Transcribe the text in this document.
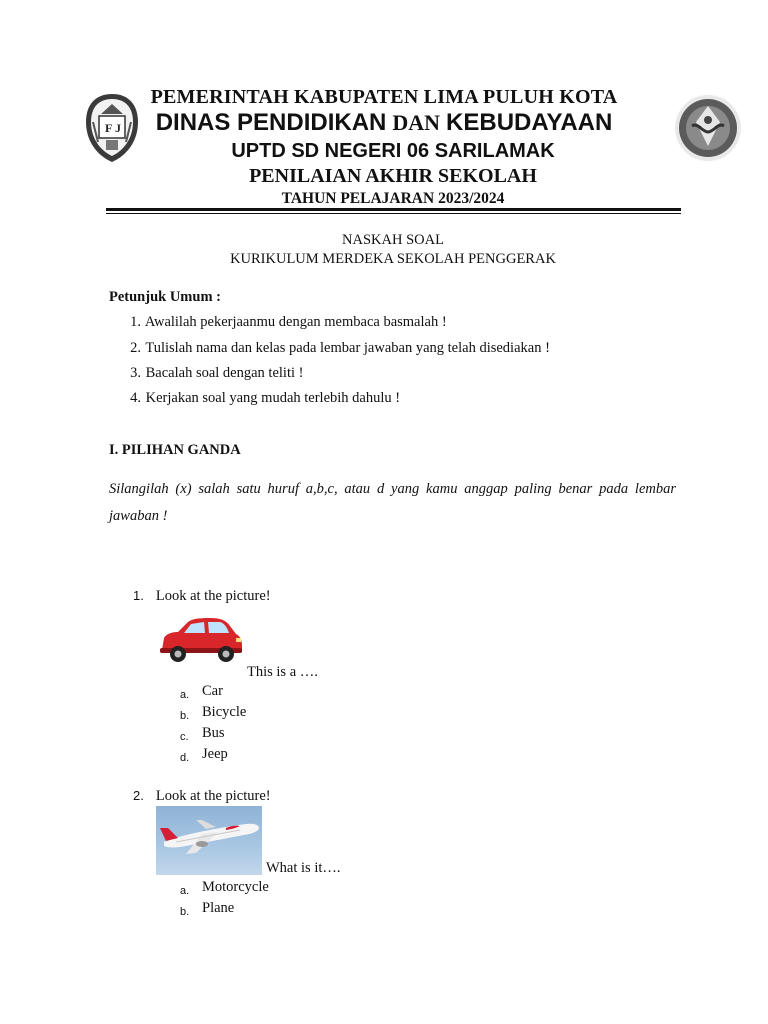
F J
PEMERINTAH KABUPATEN LIMA PULUH KOTA
DINAS PENDIDIKAN DAN KEBUDAYAAN
UPTD SD NEGERI 06 SARILAMAK
PENILAIAN AKHIR SEKOLAH
TAHUN PELAJARAN 2023/2024
NASKAH SOAL
KURIKULUM MERDEKA SEKOLAH PENGGERAK
Petunjuk Umum :
1. Awalilah pekerjaanmu dengan membaca basmalah !
2. Tulislah nama dan kelas pada lembar jawaban yang telah disediakan !
3. Bacalah soal dengan teliti !
4. Kerjakan soal yang mudah terlebih dahulu !
I. PILIHAN GANDA
Silangilah (x) salah satu huruf a,b,c, atau d yang kamu anggap paling benar pada lembar jawaban !
1. Look at the picture!
This is a ….
a. Car
b. Bicycle
c. Bus
d. Jeep
2. Look at the picture!
What is it….
a. Motorcycle
b. Plane
